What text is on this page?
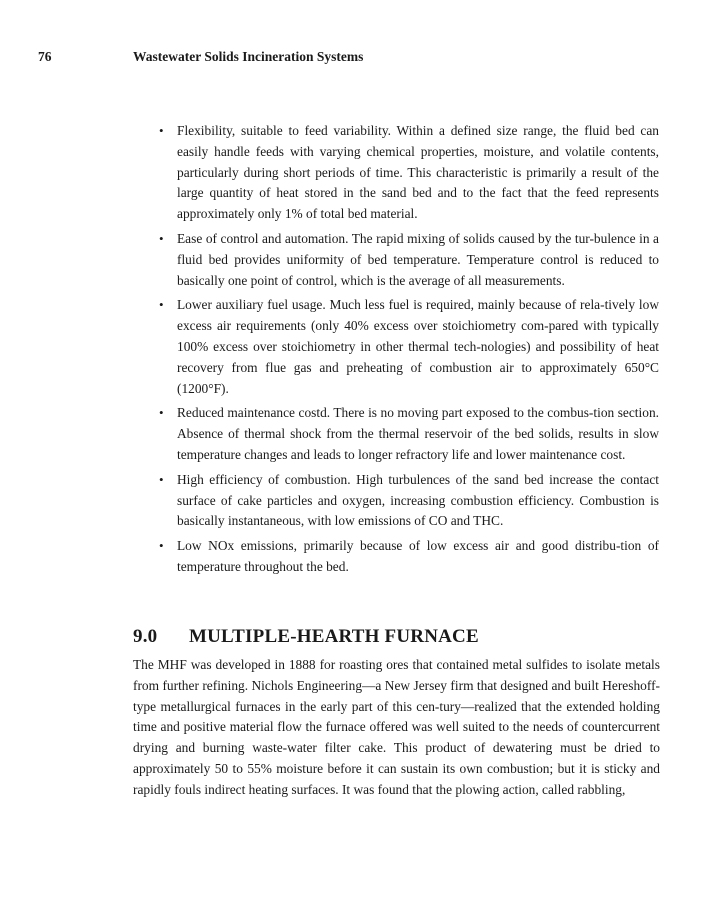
76	Wastewater Solids Incineration Systems
• Flexibility, suitable to feed variability. Within a defined size range, the fluid bed can easily handle feeds with varying chemical properties, moisture, and volatile contents, particularly during short periods of time. This characteristic is primarily a result of the large quantity of heat stored in the sand bed and to the fact that the feed represents approximately only 1% of total bed material.
• Ease of control and automation. The rapid mixing of solids caused by the tur-bulence in a fluid bed provides uniformity of bed temperature. Temperature control is reduced to basically one point of control, which is the average of all measurements.
• Lower auxiliary fuel usage. Much less fuel is required, mainly because of rela-tively low excess air requirements (only 40% excess over stoichiometry com-pared with typically 100% excess over stoichiometry in other thermal tech-nologies) and possibility of heat recovery from flue gas and preheating of combustion air to approximately 650°C (1200°F).
• Reduced maintenance costd. There is no moving part exposed to the combus-tion section. Absence of thermal shock from the thermal reservoir of the bed solids, results in slow temperature changes and leads to longer refractory life and lower maintenance cost.
• High efficiency of combustion. High turbulences of the sand bed increase the contact surface of cake particles and oxygen, increasing combustion efficiency. Combustion is basically instantaneous, with low emissions of CO and THC.
• Low NOx emissions, primarily because of low excess air and good distribu-tion of temperature throughout the bed.
9.0 MULTIPLE-HEARTH FURNACE

The MHF was developed in 1888 for roasting ores that contained metal sulfides to isolate metals from further refining. Nichols Engineering—a New Jersey firm that designed and built Hereshoff-type metallurgical furnaces in the early part of this cen-tury—realized that the extended holding time and positive material flow the furnace offered was well suited to the needs of countercurrent drying and burning waste-water filter cake. This product of dewatering must be dried to approximately 50 to 55% moisture before it can sustain its own combustion; but it is sticky and rapidly fouls indirect heating surfaces. It was found that the plowing action, called rabbling,
